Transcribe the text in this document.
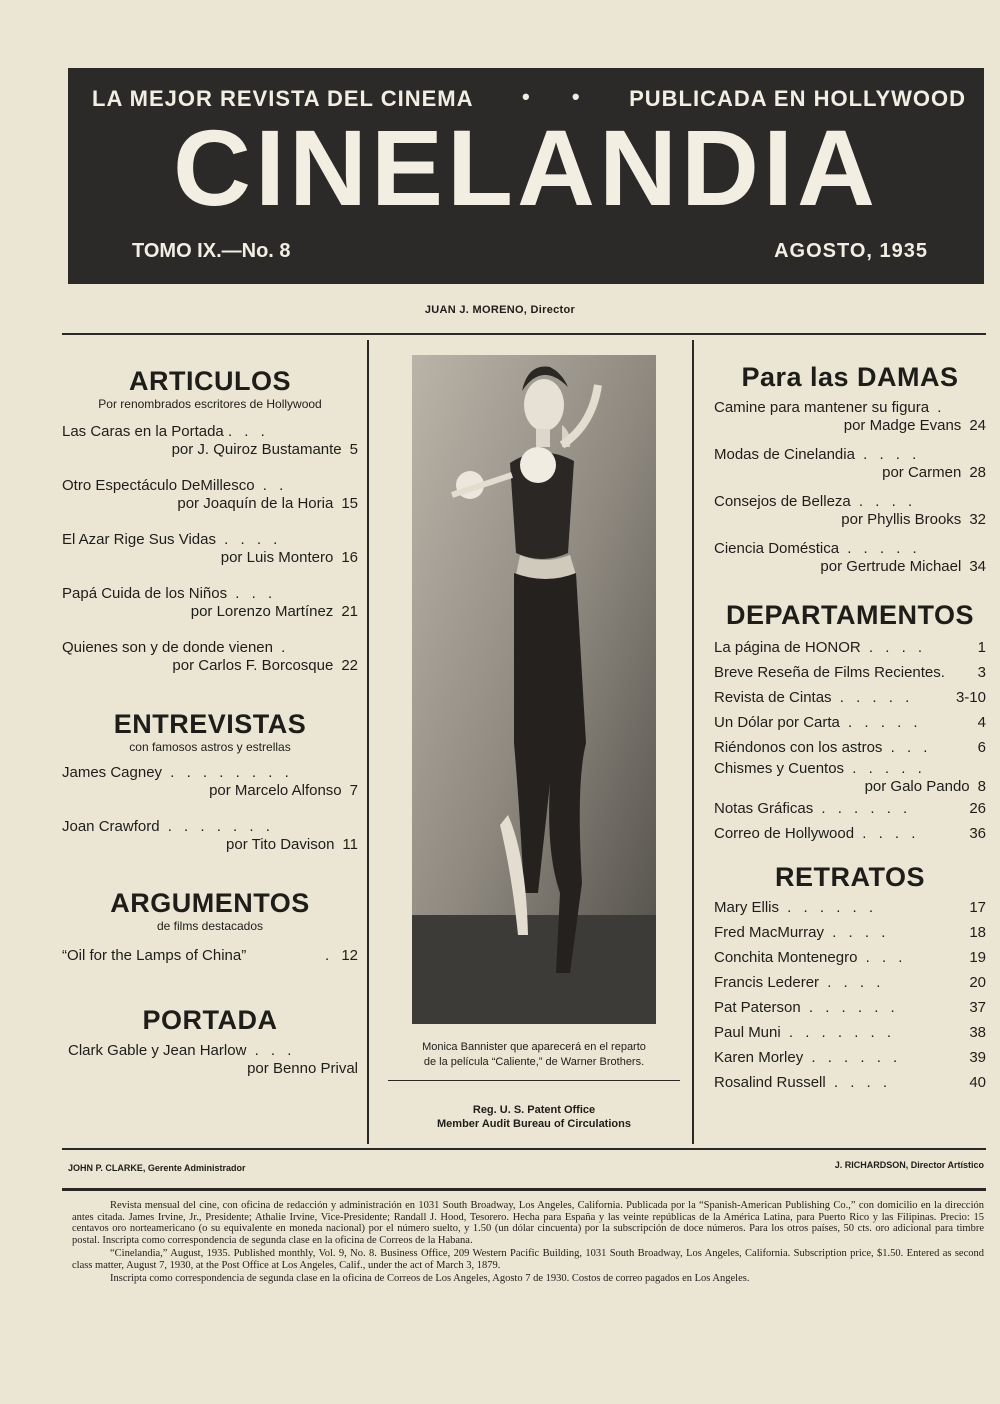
LA MEJOR REVISTA DEL CINEMA • • PUBLICADA EN HOLLYWOOD
CINELANDIA
TOMO IX.—No. 8	AGOSTO, 1935
JUAN J. MORENO, Director
ARTICULOS
Por renombrados escritores de Hollywood
Las Caras en la Portada . . .
por J. Quiroz Bustamante 5
Otro Espectáculo DeMillesco . .
por Joaquín de la Horia 15
El Azar Rige Sus Vidas . . . .
por Luis Montero 16
Papá Cuida de los Niños . . .
por Lorenzo Martínez 21
Quienes son y de donde vienen .
por Carlos F. Borcosque 22
ENTREVISTAS
con famosos astros y estrellas
James Cagney . . . . . . . .
por Marcelo Alfonso 7
Joan Crawford . . . . . . .
por Tito Davison 11
ARGUMENTOS
de films destacados
“Oil for the Lamps of China”	. 12
PORTADA
Clark Gable y Jean Harlow . . .
por Benno Prival
Monica Bannister que aparecerá en el reparto
de la película “Caliente,” de Warner Brothers.
Reg. U. S. Patent Office
Member Audit Bureau of Circulations
Para las DAMAS
Camine para mantener su figura .
por Madge Evans 24
Modas de Cinelandia . . . .
por Carmen 28
Consejos de Belleza . . . .
por Phyllis Brooks 32
Ciencia Doméstica . . . . .
por Gertrude Michael 34
DEPARTAMENTOS
La página de HONOR . . . .	1
Breve Reseña de Films Recientes. 3
Revista de Cintas . . . . .	3-10
Un Dólar por Carta . . . . .	4
Riéndonos con los astros . . .	6
Chismes y Cuentos . . . . .
por Galo Pando 8
Notas Gráficas . . . . . .	26
Correo de Hollywood . . . .	36
RETRATOS
Mary Ellis . . . . . .	17
Fred MacMurray . . . .	18
Conchita Montenegro . . .	19
Francis Lederer . . . .	20
Pat Paterson . . . . . .	37
Paul Muni . . . . . . .	38
Karen Morley . . . . . .	39
Rosalind Russell . . . .	40
JOHN P. CLARKE, Gerente Administrador	J. RICHARDSON, Director Artístico

Revista mensual del cine, con oficina de redacción y administración en 1031 South Broadway, Los Angeles, California. Publicada por la “Spanish-American Publishing Co.,” con domicilio en la dirección antes citada. James Irvine, Jr., Presidente; Athalie Irvine, Vice-Presidente; Randall J. Hood, Tesorero. Hecha para España y las veinte repúblicas de la América Latina, para Puerto Rico y las Filipinas. Precio: 15 centavos oro norteamericano (o su equivalente en moneda nacional) por el número suelto, y 1.50 (un dólar cincuenta) por la subscripción de doce números. Para los otros países, 50 cts. oro adicional para timbre postal. Inscripta como correspondencia de segunda clase en la oficina de Correos de la Habana.

“Cinelandia,” August, 1935. Published monthly, Vol. 9, No. 8. Business Office, 209 Western Pacific Building, 1031 South Broadway, Los Angeles, California. Subscription price, $1.50. Entered as second class matter, August 7, 1930, at the Post Office at Los Angeles, Calif., under the act of March 3, 1879.

Inscripta como correspondencia de segunda clase en la oficina de Correos de Los Angeles, Agosto 7 de 1930. Costos de correo pagados en Los Angeles.
